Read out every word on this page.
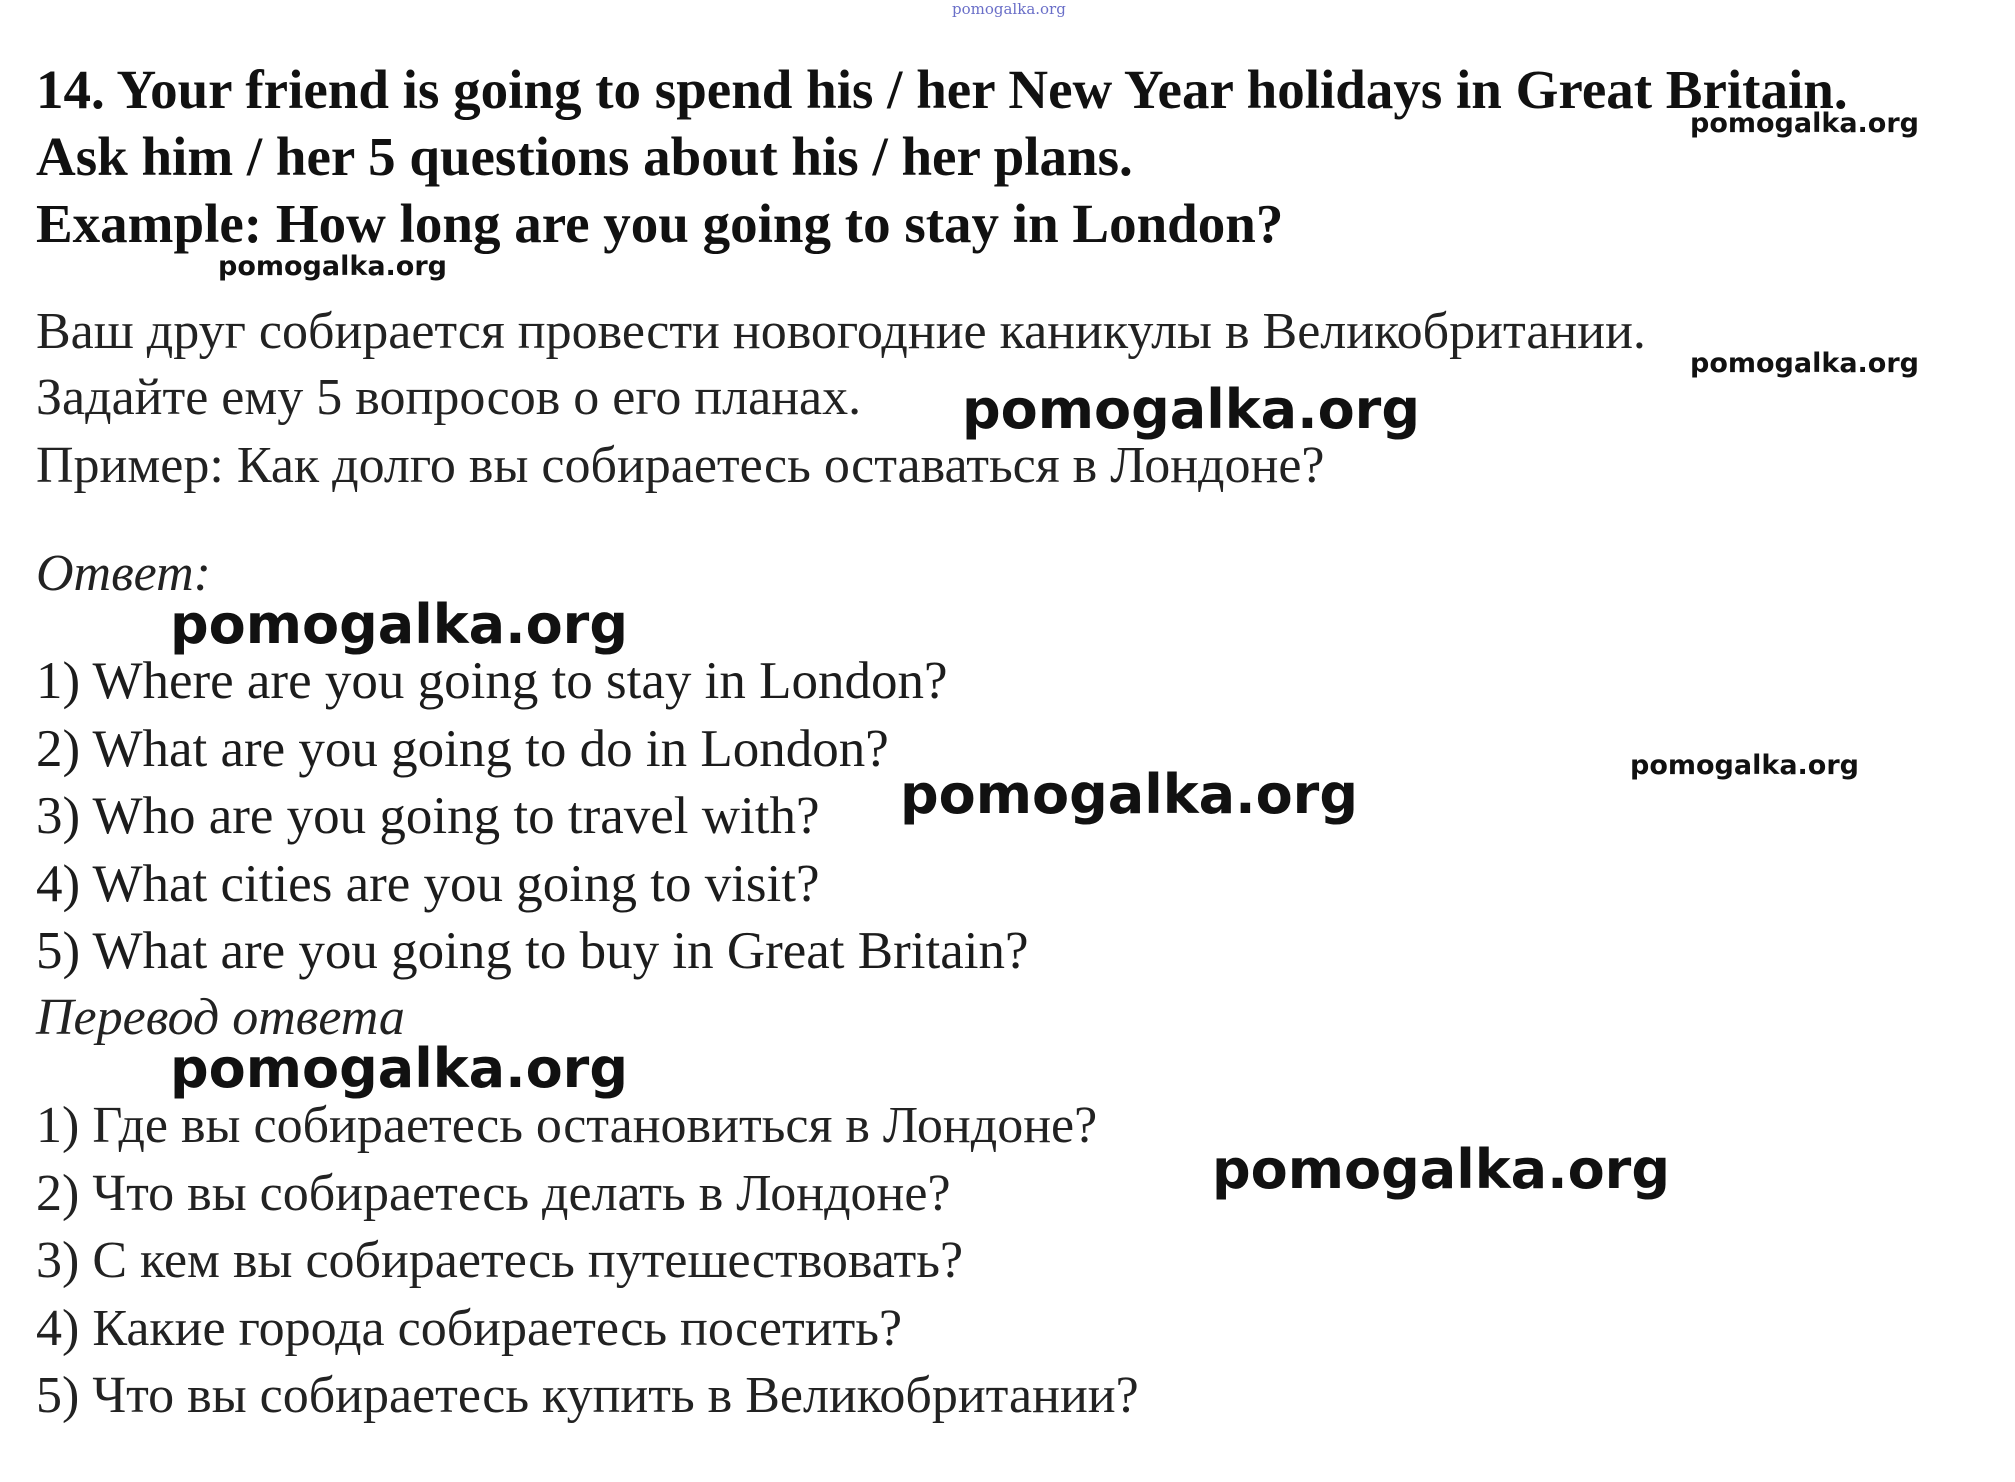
pomogalka.org
14. Your friend is going to spend his / her New Year holidays in Great Britain.
Ask him / her 5 questions about his / her plans.
Example: How long are you going to stay in London?
Ваш друг собирается провести новогодние каникулы в Великобритании.
Задайте ему 5 вопросов о его планах.
Пример: Как долго вы собираетесь оставаться в Лондоне?
Ответ:
1) Where are you going to stay in London?
2) What are you going to do in London?
3) Who are you going to travel with?
4) What cities are you going to visit?
5) What are you going to buy in Great Britain?
Перевод ответа
1) Где вы собираетесь остановиться в Лондоне?
2) Что вы собираетесь делать в Лондоне?
3) С кем вы собираетесь путешествовать?
4) Какие города собираетесь посетить?
5) Что вы собираетесь купить в Великобритании?
pomogalka.org
pomogalka.org
pomogalka.org
pomogalka.org
pomogalka.org
pomogalka.org
pomogalka.org
pomogalka.org
pomogalka.org
